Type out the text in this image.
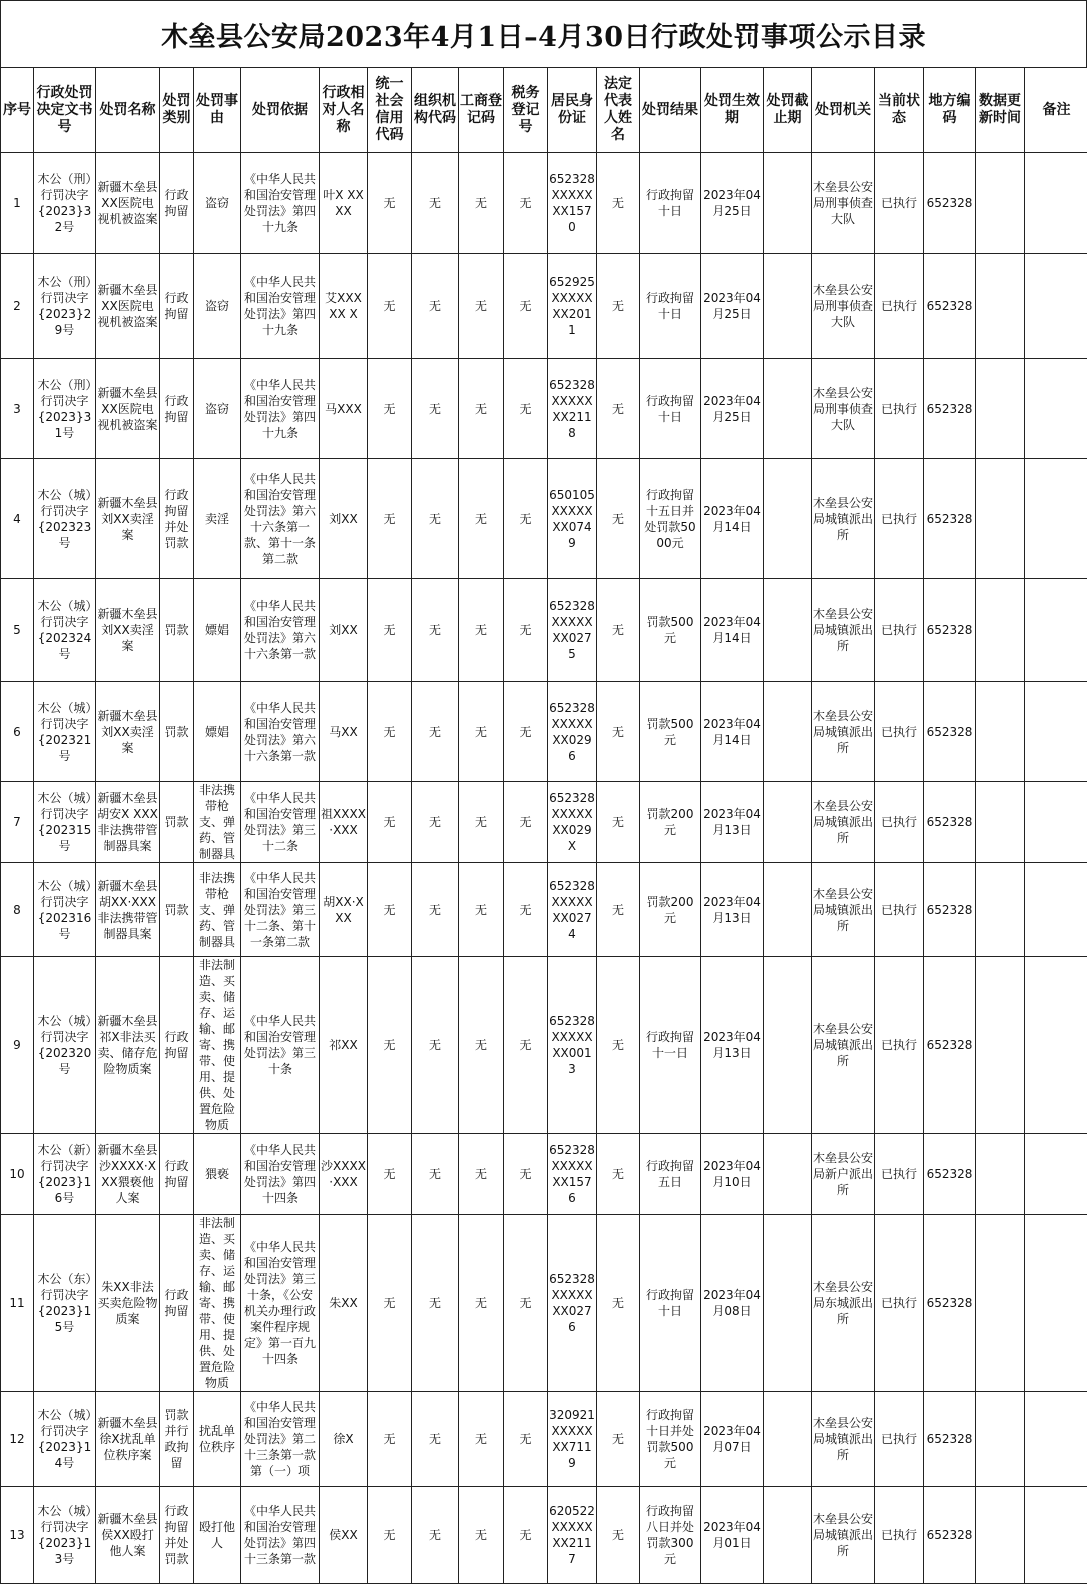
木垒县公安局2023年4月1日–4月30日行政处罚事项公示目录
序号	行政处罚决定文书号	处罚名称	处罚类别	处罚事由	处罚依据	行政相对人名称	统一社会信用代码	组织机构代码	工商登记码	税务登记号	居民身份证	法定代表人姓名	处罚结果	处罚生效期	处罚截止期	处罚机关	当前状态	地方编码	数据更新时间	备注
1	木公（刑）行罚决字{2023}32号	新疆木垒县XX医院电视机被盗案	行政拘留	盗窃	《中华人民共和国治安管理处罚法》第四十九条	叶X XXXX	无	无	无	无	652328XXXXXXX1570	无	行政拘留十日	2023年04月25日		木垒县公安局刑事侦查大队	已执行	652328		
2	木公（刑）行罚决字{2023}29号	新疆木垒县XX医院电视机被盗案	行政拘留	盗窃	《中华人民共和国治安管理处罚法》第四十九条	艾XXX XX X	无	无	无	无	652925XXXXXXX2011	无	行政拘留十日	2023年04月25日		木垒县公安局刑事侦查大队	已执行	652328		
3	木公（刑）行罚决字{2023}31号	新疆木垒县XX医院电视机被盗案	行政拘留	盗窃	《中华人民共和国治安管理处罚法》第四十九条	马XXX	无	无	无	无	652328XXXXXXX2118	无	行政拘留十日	2023年04月25日		木垒县公安局刑事侦查大队	已执行	652328		
4	木公（城）行罚决字{202323号	新疆木垒县刘XX卖淫案	行政拘留并处罚款	卖淫	《中华人民共和国治安管理处罚法》第六十六条第一款、第十一条第二款	刘XX	无	无	无	无	650105XXXXXXX0749	无	行政拘留十五日并处罚款5000元	2023年04月14日		木垒县公安局城镇派出所	已执行	652328		
5	木公（城）行罚决字{202324号	新疆木垒县刘XX卖淫案	罚款	嫖娼	《中华人民共和国治安管理处罚法》第六十六条第一款	刘XX	无	无	无	无	652328XXXXXXX0275	无	罚款500元	2023年04月14日		木垒县公安局城镇派出所	已执行	652328		
6	木公（城）行罚决字{202321号	新疆木垒县刘XX卖淫案	罚款	嫖娼	《中华人民共和国治安管理处罚法》第六十六条第一款	马XX	无	无	无	无	652328XXXXXXX0296	无	罚款500元	2023年04月14日		木垒县公安局城镇派出所	已执行	652328		
7	木公（城）行罚决字{202315号	新疆木垒县胡安X XXX非法携带管制器具案	罚款	非法携带枪支、弹药、管制器具	《中华人民共和国治安管理处罚法》第三十二条	祖XXXX·XXX	无	无	无	无	652328XXXXXXX029X	无	罚款200元	2023年04月13日		木垒县公安局城镇派出所	已执行	652328		
8	木公（城）行罚决字{202316号	新疆木垒县胡XX·XXX非法携带管制器具案	罚款	非法携带枪支、弹药、管制器具	《中华人民共和国治安管理处罚法》第三十二条、第十一条第二款	胡XX·XXX	无	无	无	无	652328XXXXXXX0274	无	罚款200元	2023年04月13日		木垒县公安局城镇派出所	已执行	652328		
9	木公（城）行罚决字{202320号	新疆木垒县祁X非法买卖、储存危险物质案	行政拘留	非法制造、买卖、储存、运输、邮寄、携带、使用、提供、处置危险物质	《中华人民共和国治安管理处罚法》第三十条	祁XX	无	无	无	无	652328XXXXXXX0013	无	行政拘留十一日	2023年04月13日		木垒县公安局城镇派出所	已执行	652328		
10	木公（新）行罚决字{2023}16号	新疆木垒县沙XXXX·XXX猥亵他人案	行政拘留	猥亵	《中华人民共和国治安管理处罚法》第四十四条	沙XXXX·XXX	无	无	无	无	652328XXXXXXX1576	无	行政拘留五日	2023年04月10日		木垒县公安局新户派出所	已执行	652328		
11	木公（东）行罚决字{2023}15号	朱XX非法买卖危险物质案	行政拘留	非法制造、买卖、储存、运输、邮寄、携带、使用、提供、处置危险物质	《中华人民共和国治安管理处罚法》第三十条，《公安机关办理行政案件程序规定》第一百九十四条	朱XX	无	无	无	无	652328XXXXXXX0276	无	行政拘留十日	2023年04月08日		木垒县公安局东城派出所	已执行	652328		
12	木公（城）行罚决字{2023}14号	新疆木垒县徐X扰乱单位秩序案	罚款并行政拘留	扰乱单位秩序	《中华人民共和国治安管理处罚法》第二十三条第一款第（一）项	徐X	无	无	无	无	320921XXXXXXX7119	无	行政拘留十日并处罚款500元	2023年04月07日		木垒县公安局城镇派出所	已执行	652328		
13	木公（城）行罚决字{2023}13号	新疆木垒县侯XX殴打他人案	行政拘留并处罚款	殴打他人	《中华人民共和国治安管理处罚法》第四十三条第一款	侯XX	无	无	无	无	620522XXXXXXX2117	无	行政拘留八日并处罚款300元	2023年04月01日		木垒县公安局城镇派出所	已执行	652328		
